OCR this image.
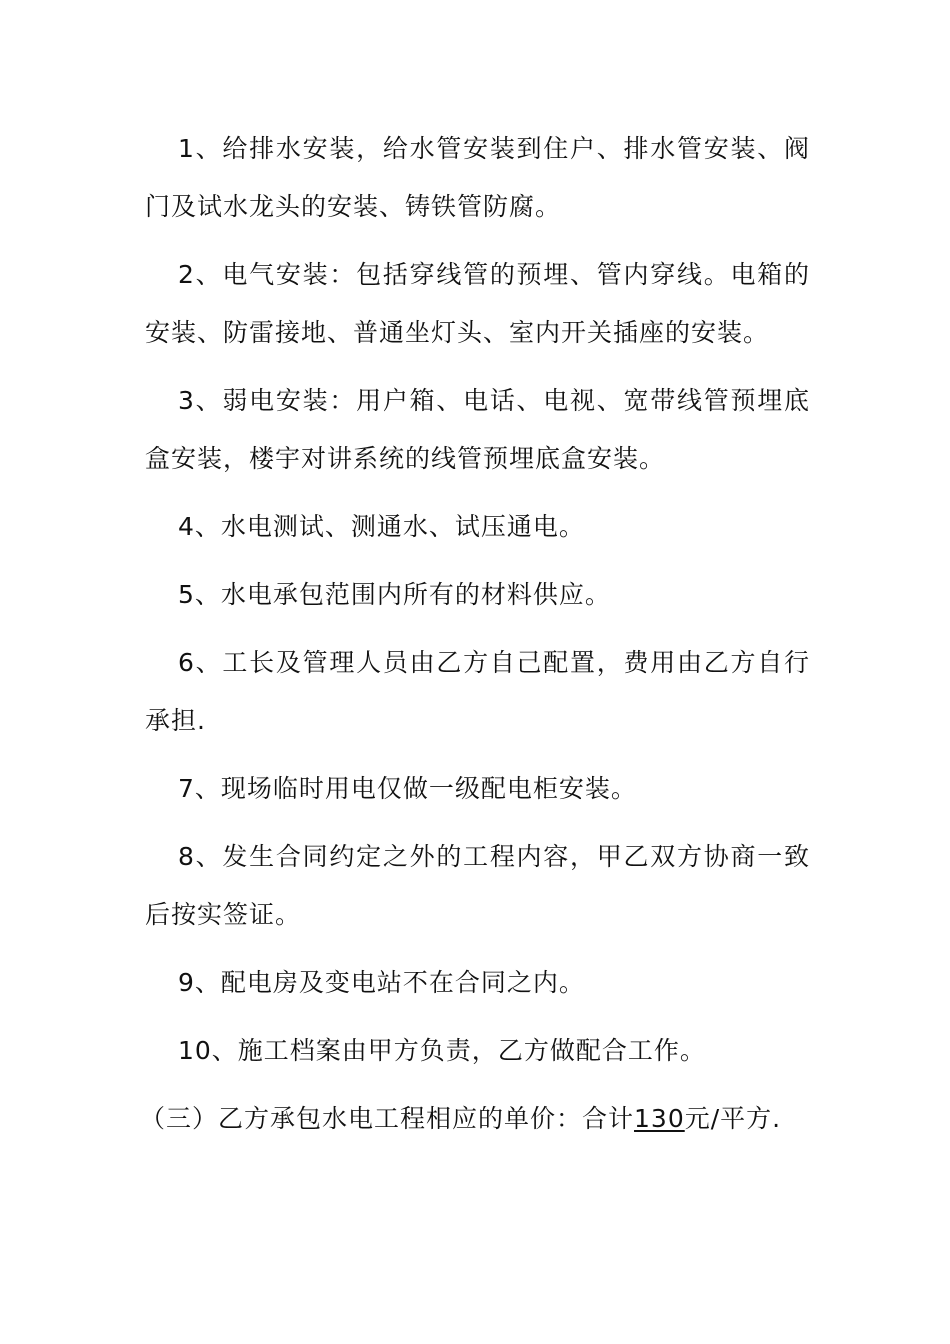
1、给排水安装，给水管安装到住户、排水管安装、阀门及试水龙头的安装、铸铁管防腐。

2、电气安装：包括穿线管的预埋、管内穿线。电箱的安装、防雷接地、普通坐灯头、室内开关插座的安装。

3、弱电安装：用户箱、电话、电视、宽带线管预埋底盒安装，楼宇对讲系统的线管预埋底盒安装。

4、水电测试、测通水、试压通电。

5、水电承包范围内所有的材料供应。

6、工长及管理人员由乙方自己配置，费用由乙方自行承担.

7、现场临时用电仅做一级配电柜安装。

8、发生合同约定之外的工程内容，甲乙双方协商一致后按实签证。

9、配电房及变电站不在合同之内。

10、施工档案由甲方负责，乙方做配合工作。

（三）乙方承包水电工程相应的单价：合计130元/平方.
